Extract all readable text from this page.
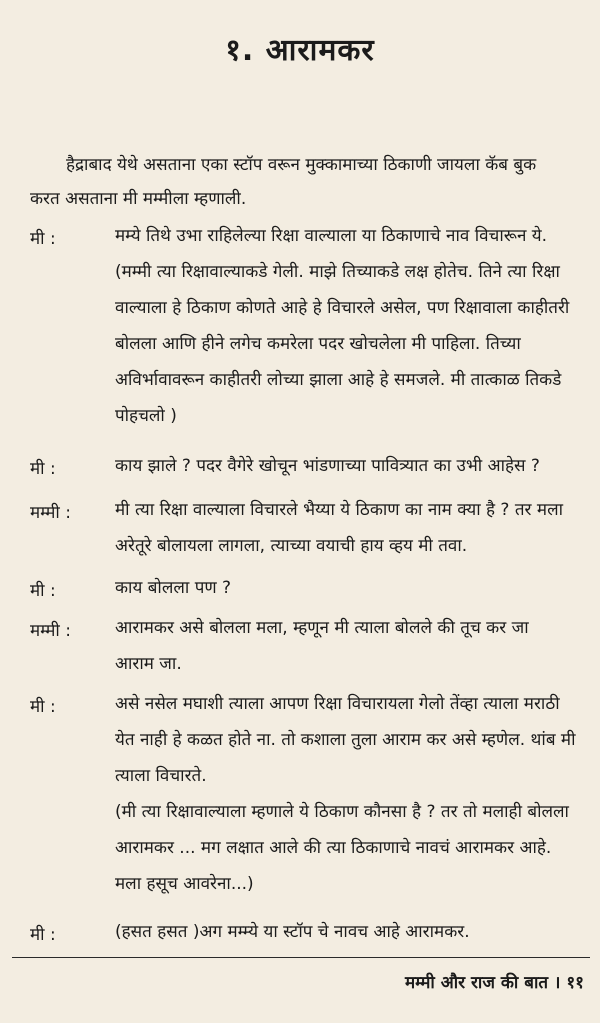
१. आरामकर
हैद्राबाद येथे असताना एका स्टॉप वरून मुक्कामाच्या ठिकाणी जायला कॅब बुक
करत असताना मी मम्मीला म्हणाली.
मी :	मम्ये तिथे उभा राहिलेल्या रिक्षा वाल्याला या ठिकाणाचे नाव विचारून ये.
(मम्मी त्या रिक्षावाल्याकडे गेली. माझे तिच्याकडे लक्ष होतेच. तिने त्या रिक्षा
वाल्याला हे ठिकाण कोणते आहे हे विचारले असेल, पण रिक्षावाला काहीतरी
बोलला आणि हीने लगेच कमरेला पदर खोचलेला मी पाहिला. तिच्या
अविर्भावावरून काहीतरी लोच्या झाला आहे हे समजले. मी तात्काळ तिकडे
पोहचलो )
मी :	काय झाले ? पदर वैगेरे खोचून भांडणाच्या पावित्र्यात का उभी आहेस ?
मम्मी :	मी त्या रिक्षा वाल्याला विचारले भैय्या ये ठिकाण का नाम क्या है ? तर मला
अरेतूरे बोलायला लागला, त्याच्या वयाची हाय व्हय मी तवा.
मी :	काय बोलला पण ?
मम्मी :	आरामकर असे बोलला मला, म्हणून मी त्याला बोलले की तूच कर जा
आराम जा.
मी :	असे नसेल मघाशी त्याला आपण रिक्षा विचारायला गेलो तेंव्हा त्याला मराठी
येत नाही हे कळत होते ना. तो कशाला तुला आराम कर असे म्हणेल. थांब मी
त्याला विचारते.
(मी त्या रिक्षावाल्याला म्हणाले ये ठिकाण कौनसा है ? तर तो मलाही बोलला
आरामकर ... मग लक्षात आले की त्या ठिकाणाचे नावचं आरामकर आहे.
मला हसूच आवरेना...)
मी :	(हसत हसत )अग मम्म्ये या स्टॉप चे नावच आहे आरामकर.
मम्मी और राज की बात । ११
